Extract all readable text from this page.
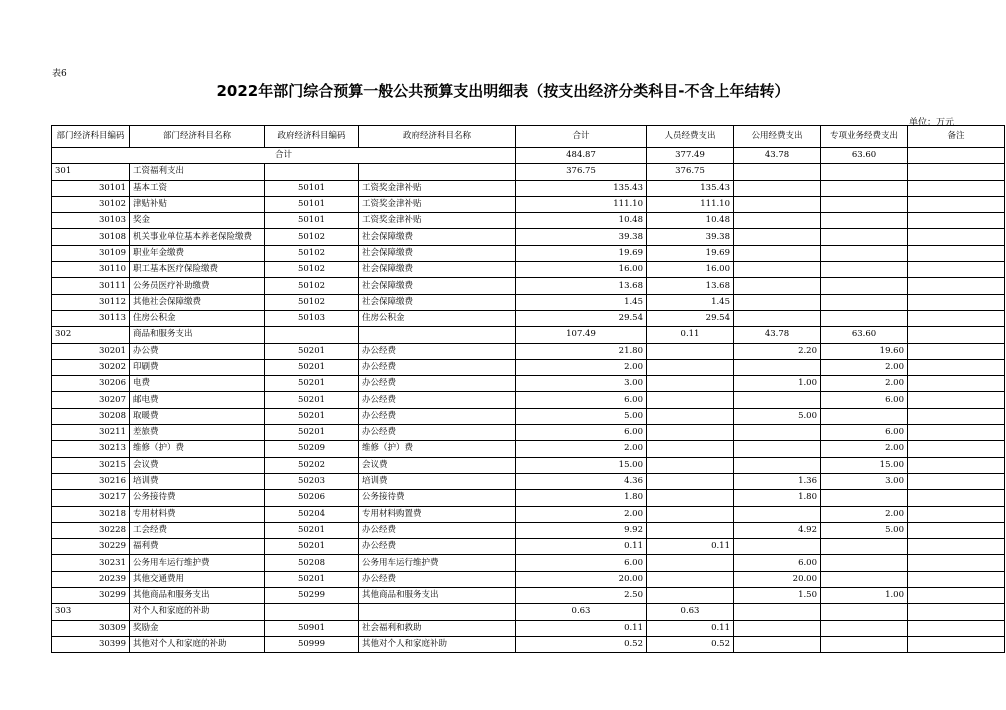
表6
2022年部门综合预算一般公共预算支出明细表（按支出经济分类科目-不含上年结转）
单位：万元
部门经济科目编码	部门经济科目名称	政府经济科目编码	政府经济科目名称	合计	人员经费支出	公用经费支出	专项业务经费支出	备注
合计				484.87	377.49	43.78	63.60	
301	工资福利支出			376.75	376.75			
30101	基本工资	50101	工资奖金津补贴	135.43	135.43			
30102	津贴补贴	50101	工资奖金津补贴	111.10	111.10			
30103	奖金	50101	工资奖金津补贴	10.48	10.48			
30108	机关事业单位基本养老保险缴费	50102	社会保障缴费	39.38	39.38			
30109	职业年金缴费	50102	社会保障缴费	19.69	19.69			
30110	职工基本医疗保险缴费	50102	社会保障缴费	16.00	16.00			
30111	公务员医疗补助缴费	50102	社会保障缴费	13.68	13.68			
30112	其他社会保障缴费	50102	社会保障缴费	1.45	1.45			
30113	住房公积金	50103	住房公积金	29.54	29.54			
302	商品和服务支出			107.49	0.11	43.78	63.60	
30201	办公费	50201	办公经费	21.80		2.20	19.60	
30202	印刷费	50201	办公经费	2.00			2.00	
30206	电费	50201	办公经费	3.00		1.00	2.00	
30207	邮电费	50201	办公经费	6.00			6.00	
30208	取暖费	50201	办公经费	5.00		5.00		
30211	差旅费	50201	办公经费	6.00			6.00	
30213	维修（护）费	50209	维修（护）费	2.00			2.00	
30215	会议费	50202	会议费	15.00			15.00	
30216	培训费	50203	培训费	4.36		1.36	3.00	
30217	公务接待费	50206	公务接待费	1.80		1.80		
30218	专用材料费	50204	专用材料购置费	2.00			2.00	
30228	工会经费	50201	办公经费	9.92		4.92	5.00	
30229	福利费	50201	办公经费	0.11	0.11			
30231	公务用车运行维护费	50208	公务用车运行维护费	6.00		6.00		
20239	其他交通费用	50201	办公经费	20.00		20.00		
30299	其他商品和服务支出	50299	其他商品和服务支出	2.50		1.50	1.00	
303	对个人和家庭的补助			0.63	0.63			
30309	奖励金	50901	社会福利和救助	0.11	0.11			
30399	其他对个人和家庭的补助	50999	其他对个人和家庭补助	0.52	0.52			
